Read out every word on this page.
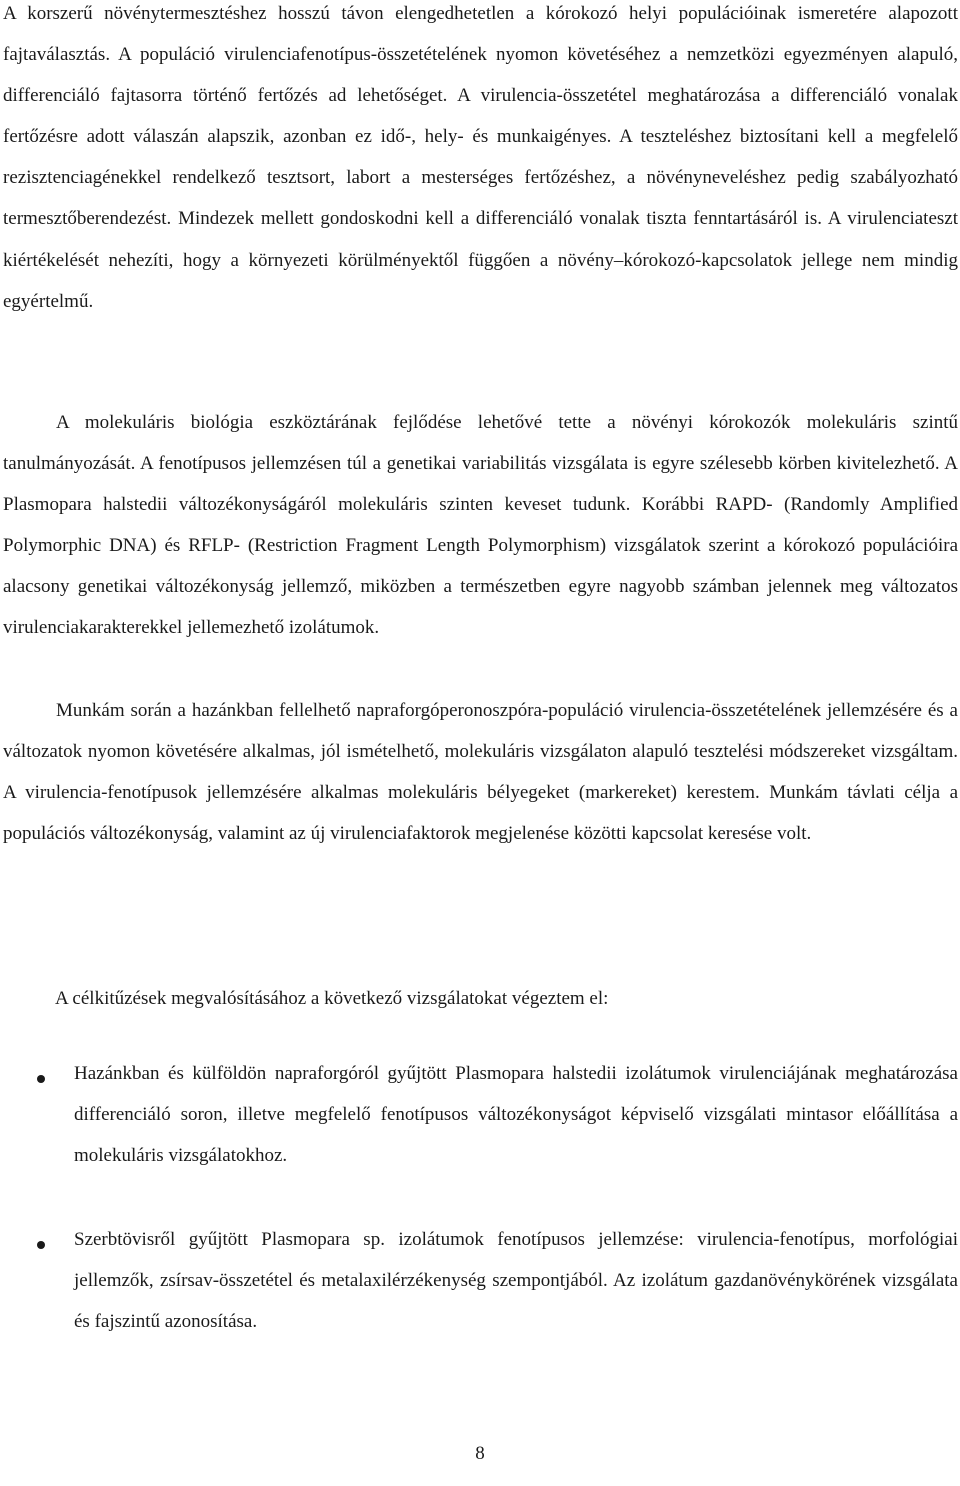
A korszerű növénytermesztéshez hosszú távon elengedhetetlen a kórokozó helyi populációinak ismeretére alapozott fajtaválasztás. A populáció virulenciafenotípus-összetételének nyomon követéséhez a nemzetközi egyezményen alapuló, differenciáló fajtasorra történő fertőzés ad lehetőséget. A virulencia-összetétel meghatározása a differenciáló vonalak fertőzésre adott válaszán alapszik, azonban ez idő-, hely- és munkaigényes. A teszteléshez biztosítani kell a megfelelő rezisztenciagénekkel rendelkező tesztsort, labort a mesterséges fertőzéshez, a növényneveléshez pedig szabályozható termesztőberendezést. Mindezek mellett gondoskodni kell a differenciáló vonalak tiszta fenntartásáról is. A virulenciateszt kiértékelését nehezíti, hogy a környezeti körülményektől függően a növény–kórokozó-kapcsolatok jellege nem mindig egyértelmű.

A molekuláris biológia eszköztárának fejlődése lehetővé tette a növényi kórokozók molekuláris szintű tanulmányozását. A fenotípusos jellemzésen túl a genetikai variabilitás vizsgálata is egyre szélesebb körben kivitelezhető. A Plasmopara halstedii változékonyságáról molekuláris szinten keveset tudunk. Korábbi RAPD- (Randomly Amplified Polymorphic DNA) és RFLP- (Restriction Fragment Length Polymorphism) vizsgálatok szerint a kórokozó populációira alacsony genetikai változékonyság jellemző, miközben a természetben egyre nagyobb számban jelennek meg változatos virulenciakarakterekkel jellemezhető izolátumok.

Munkám során a hazánkban fellelhető napraforgóperonoszpóra-populáció virulencia-összetételének jellemzésére és a változatok nyomon követésére alkalmas, jól ismételhető, molekuláris vizsgálaton alapuló tesztelési módszereket vizsgáltam. A virulencia-fenotípusok jellemzésére alkalmas molekuláris bélyegeket (markereket) kerestem. Munkám távlati célja a populációs változékonyság, valamint az új virulenciafaktorok megjelenése közötti kapcsolat keresése volt.

A célkitűzések megvalósításához a következő vizsgálatokat végeztem el:

Hazánkban és külföldön napraforgóról gyűjtött Plasmopara halstedii izolátumok virulenciájának meghatározása differenciáló soron, illetve megfelelő fenotípusos változékonyságot képviselő vizsgálati mintasor előállítása a molekuláris vizsgálatokhoz.

Szerbtövisről gyűjtött Plasmopara sp. izolátumok fenotípusos jellemzése: virulencia-fenotípus, morfológiai jellemzők, zsírsav-összetétel és metalaxilérzékenység szempontjából. Az izolátum gazdanövénykörének vizsgálata és fajszintű azonosítása.

8
